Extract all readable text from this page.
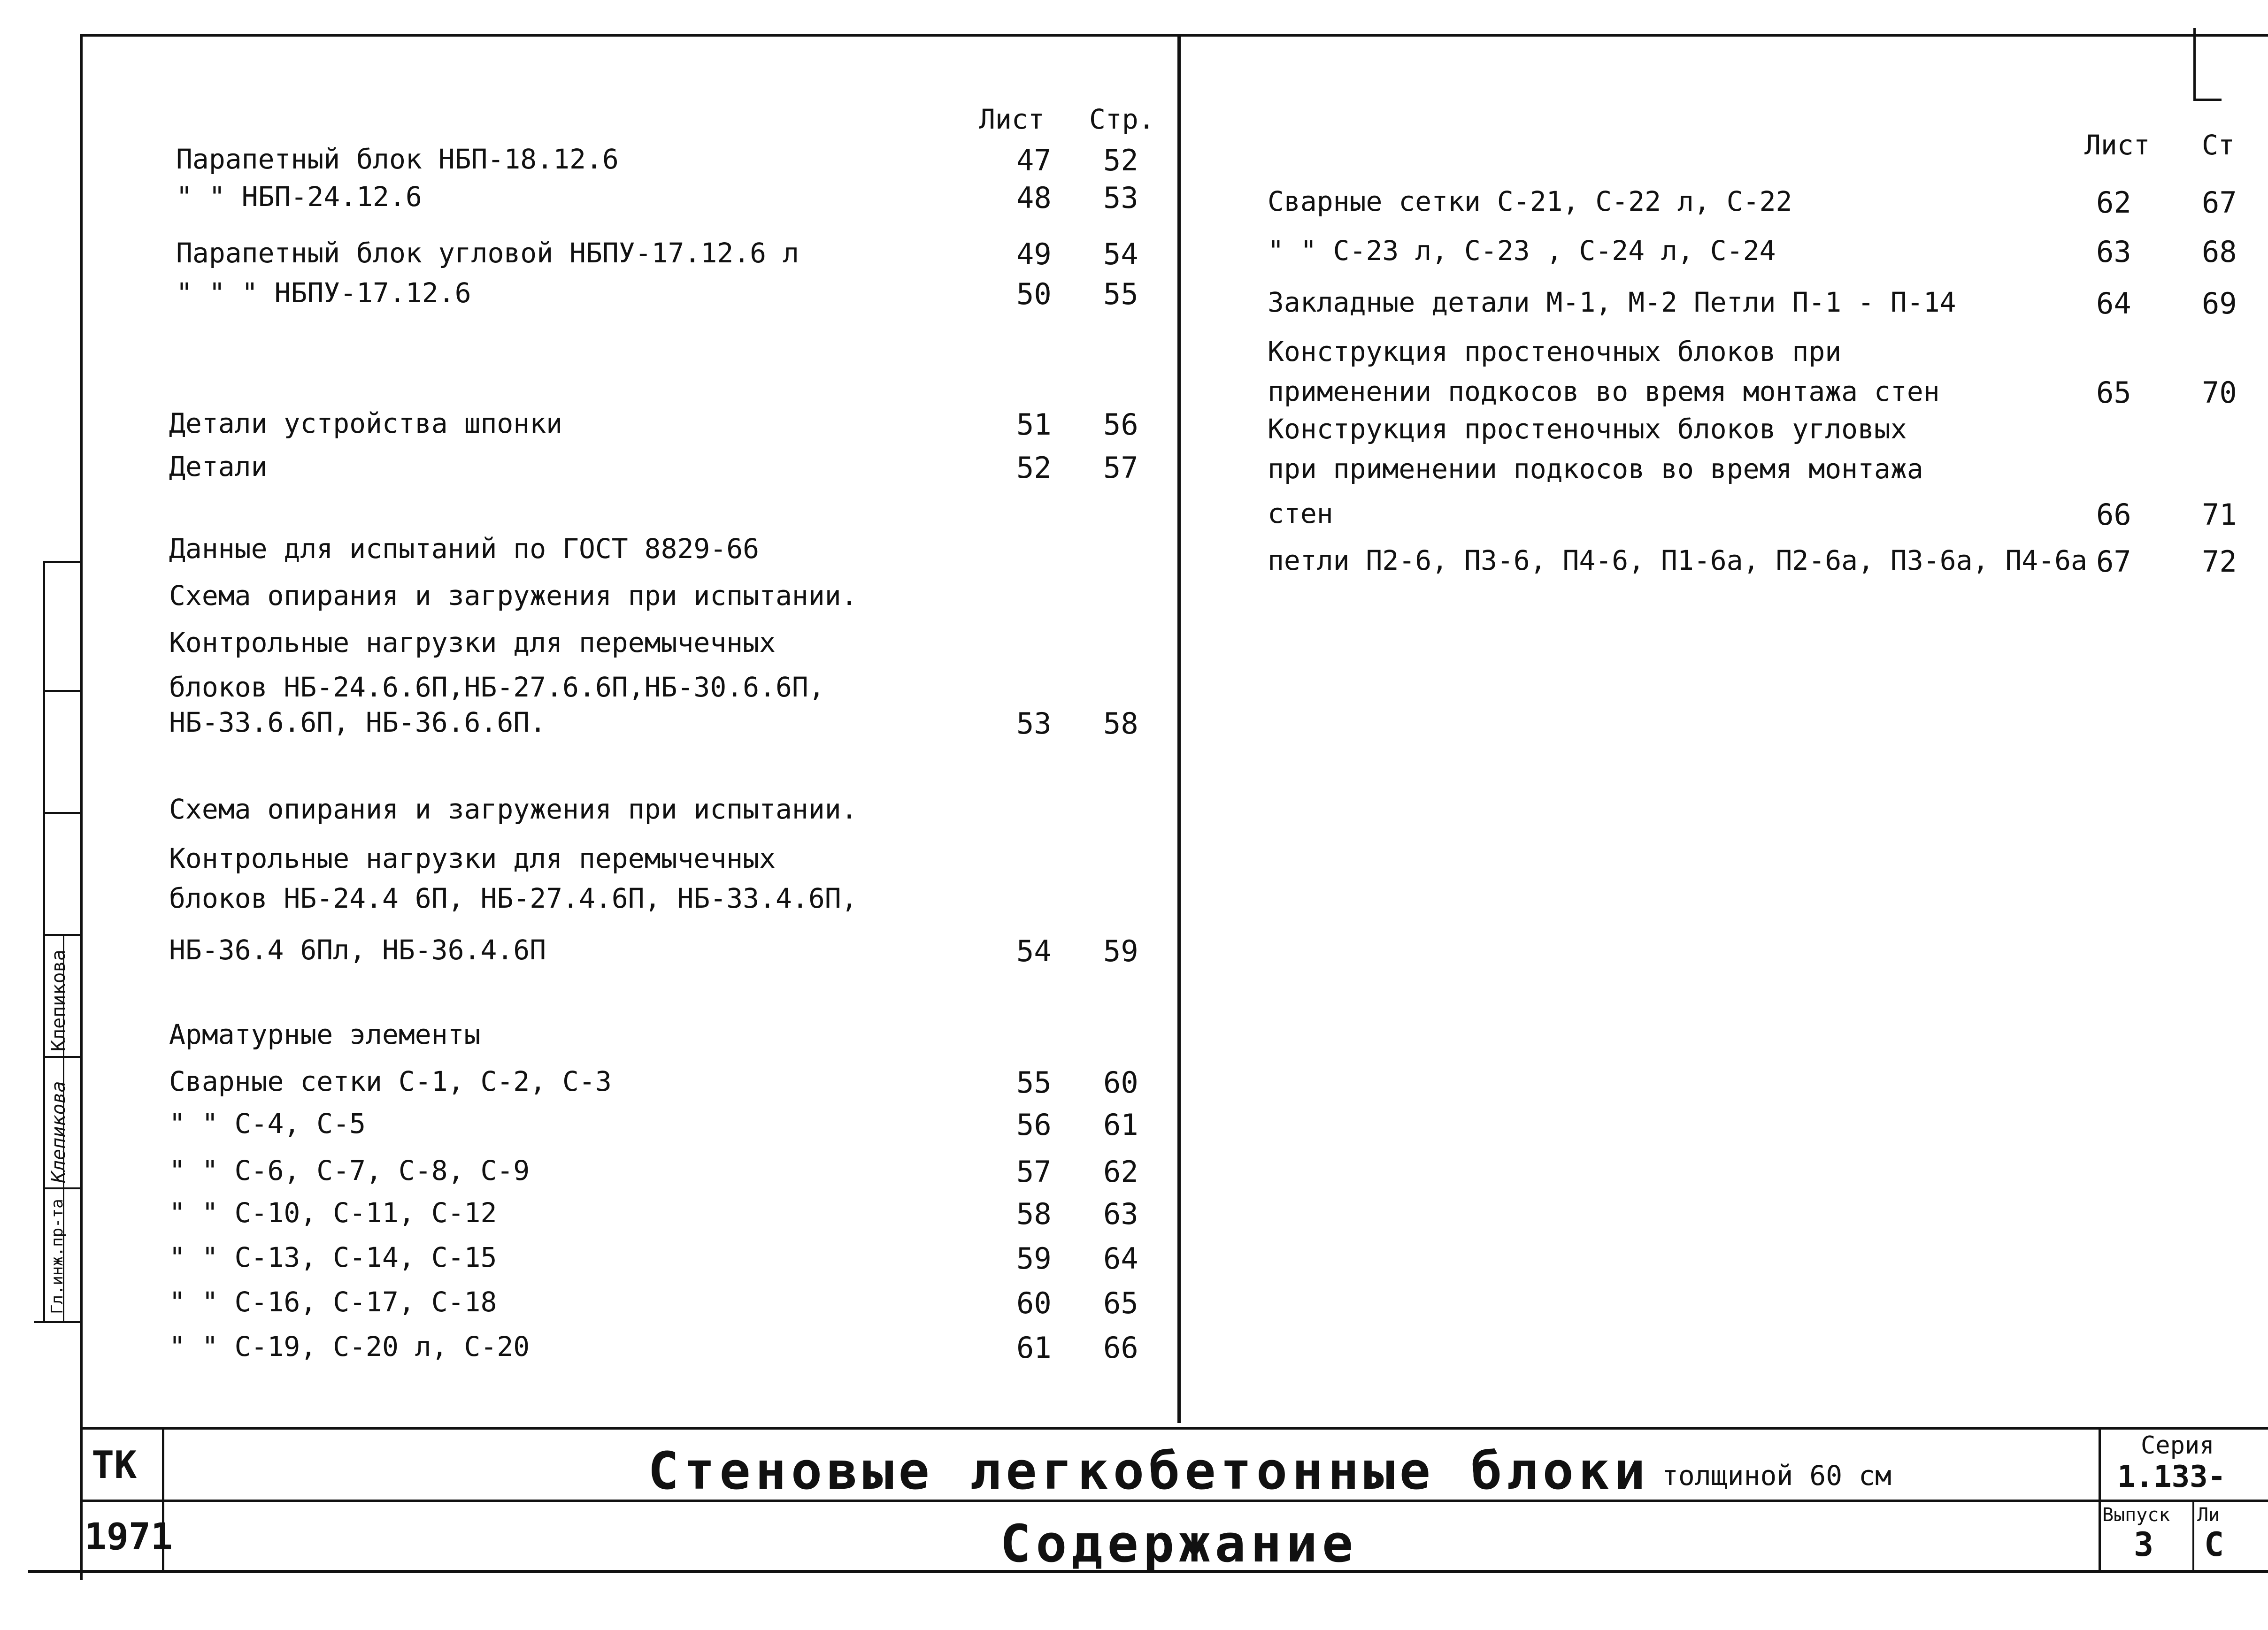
Клепикова
Клепикова
Гл.инж.пр-та
Лист Стр.
Парапетный блок НБП-18.12.6	47 52
" " НБП-24.12.6	48 53
Парапетный блок угловой НБПУ-17.12.6 л	49 54
" " " НБПУ-17.12.6	50 55
Детали устройства шпонки	51 56
Детали	52 57
Данные для испытаний по ГОСТ 8829-66
Схема опирания и загружения при испытании.
Контрольные нагрузки для перемычечных
блоков НБ-24.6.6П,НБ-27.6.6П,НБ-30.6.6П,
НБ-33.6.6П, НБ-36.6.6П.	53 58
Схема опирания и загружения при испытании.
Контрольные нагрузки для перемычечных
блоков НБ-24.4 6П, НБ-27.4.6П, НБ-33.4.6П,
НБ-36.4 6Пл, НБ-36.4.6П	54 59
Арматурные элементы
Сварные сетки С-1, С-2, С-3	55 60
" " С-4, С-5	56 61
" " С-6, С-7, С-8, С-9	57 62
" " С-10, С-11, С-12	58 63
" " С-13, С-14, С-15	59 64
" " С-16, С-17, С-18	60 65
" " С-19, С-20 л, С-20	61 66
Лист Ст
Сварные сетки С-21, С-22 л, С-22	62 67
" " С-23 л, С-23 , С-24 л, С-24	63 68
Закладные детали М-1, М-2 Петли П-1 - П-14	64 69
Конструкция простеночных блоков при
применении подкосов во время монтажа стен	65 70
Конструкция простеночных блоков угловых
при применении подкосов во время монтажа
стен	66 71
петли П2-6, П3-6, П4-6, П1-6а, П2-6а, П3-6а, П4-6а 67 72
ТК
1971
Стеновые легкобетонные блоки толщиной 60 см
Содержание
Серия
1.133-
Выпуск
3
Ли
С
